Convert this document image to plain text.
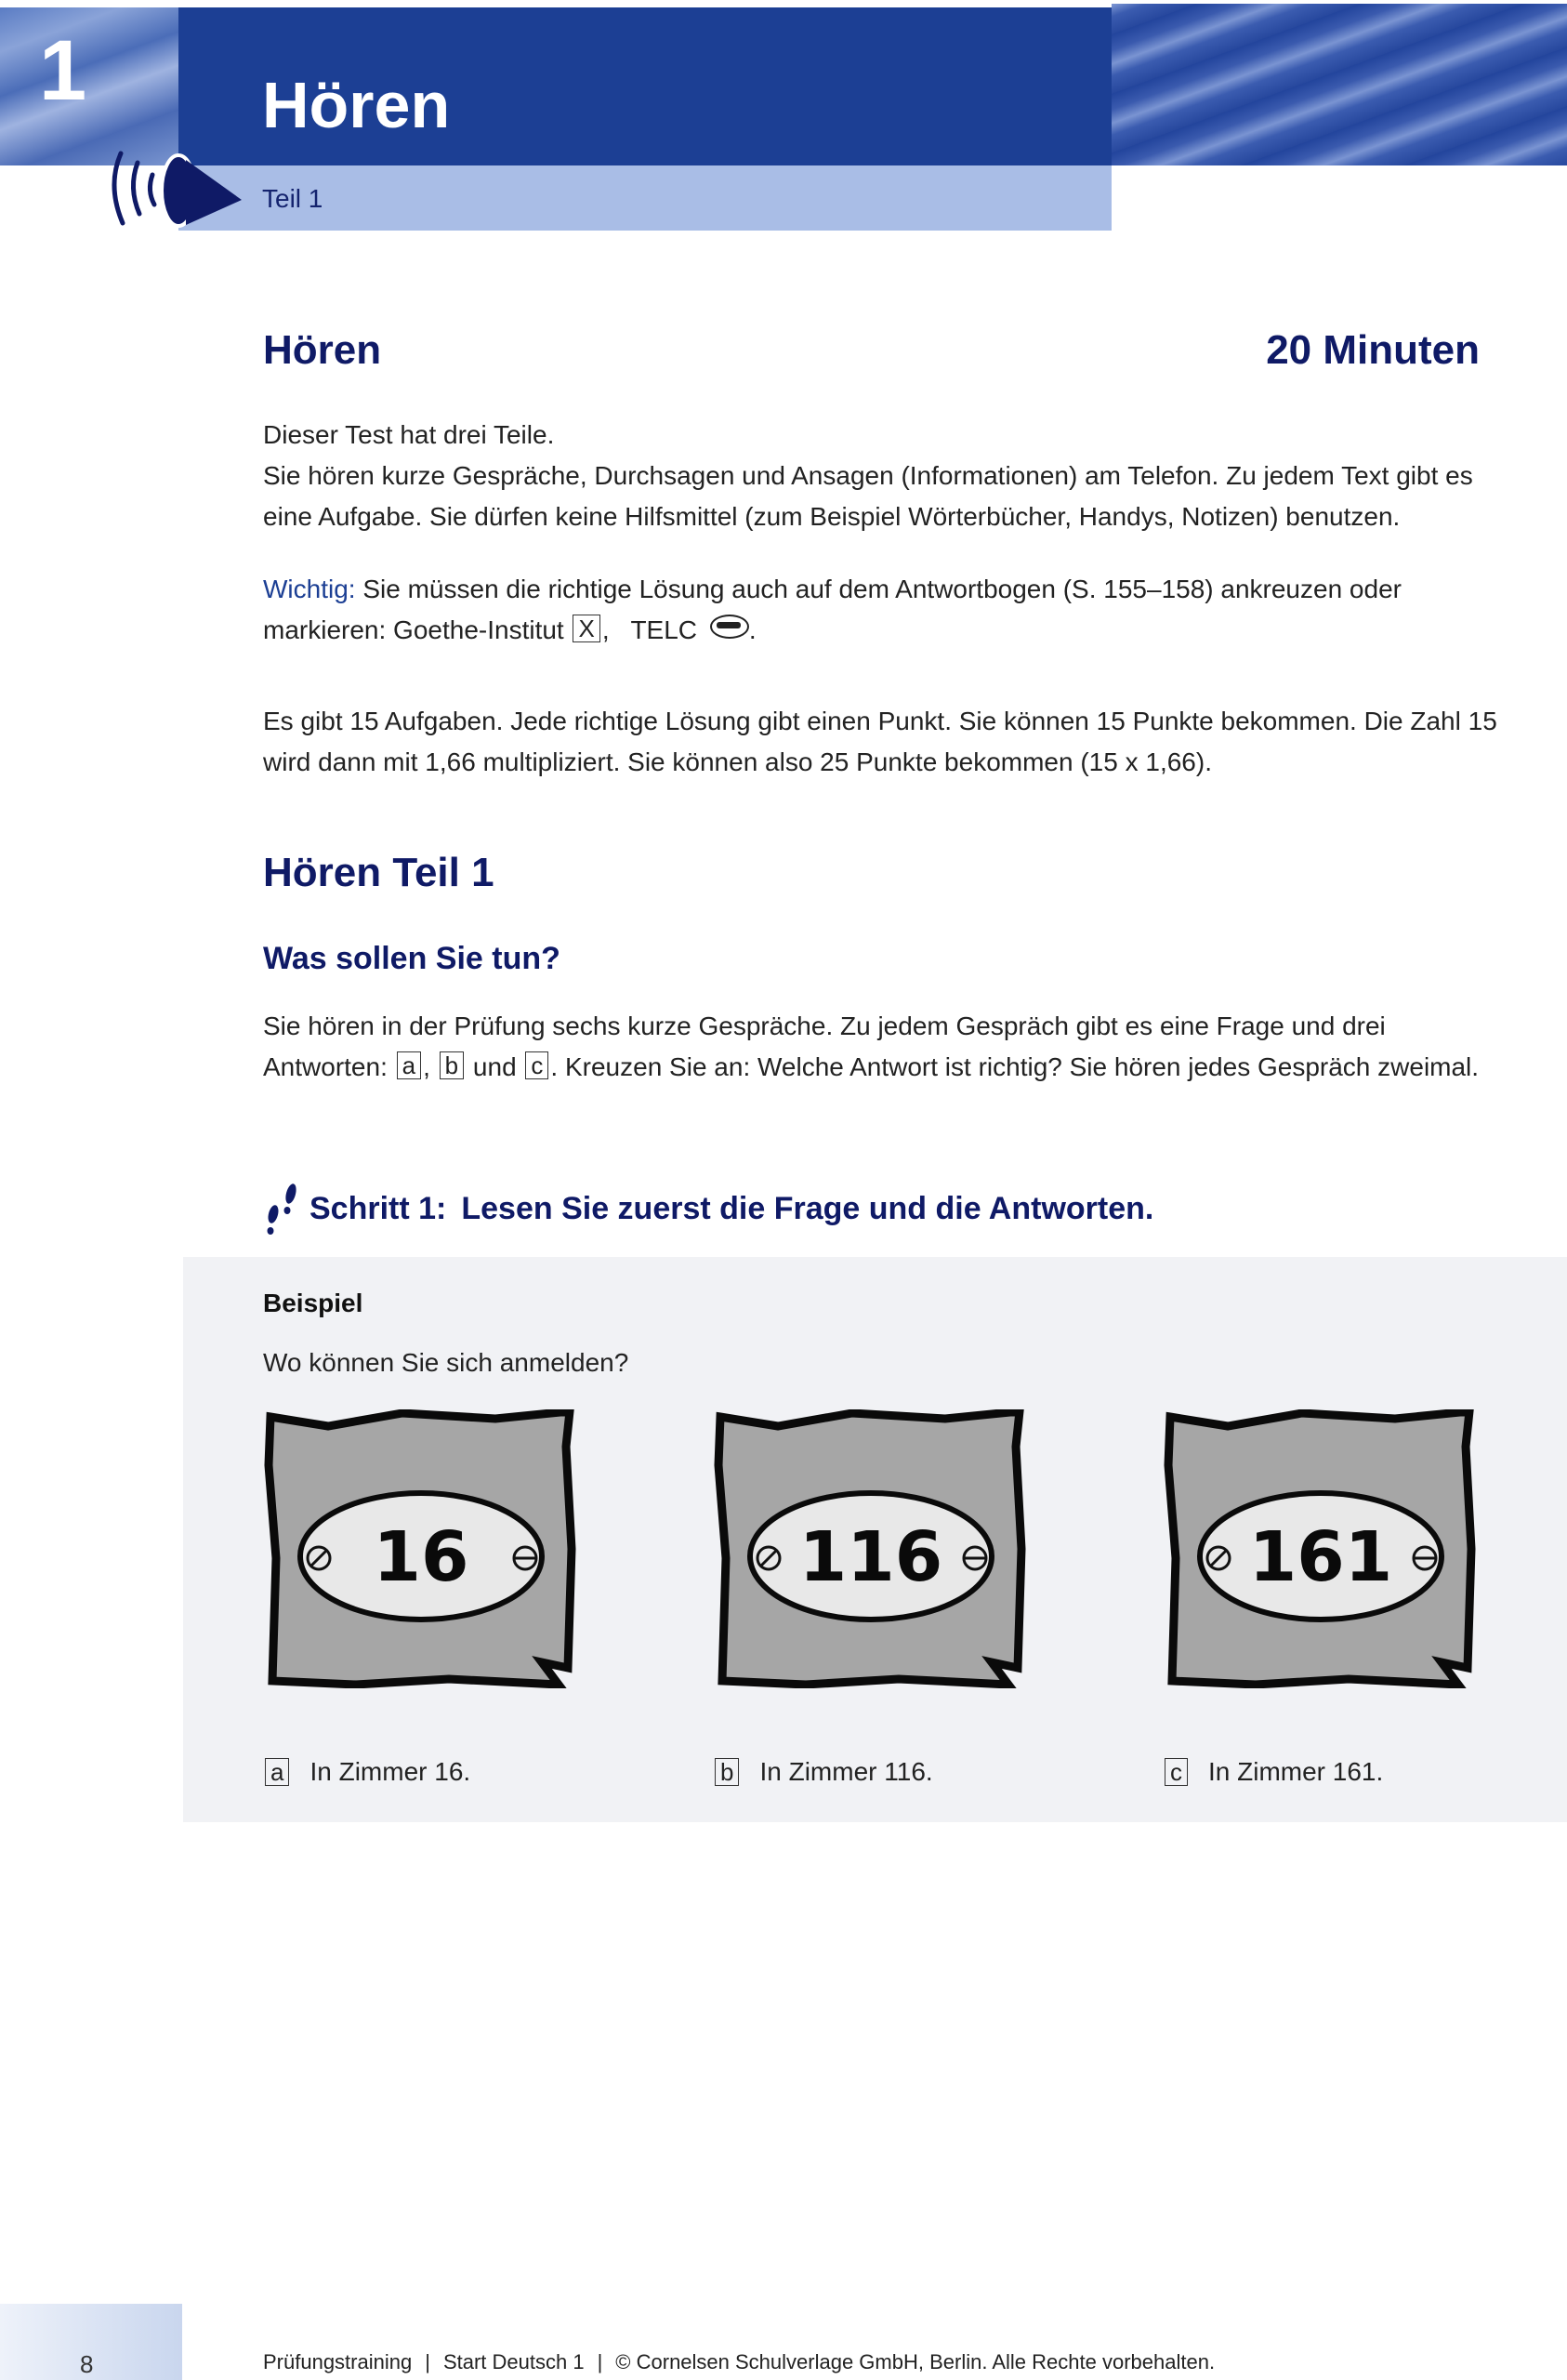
1	Hören
Teil 1
Hören	20 Minuten

Dieser Test hat drei Teile.

Sie hören kurze Gespräche, Durchsagen und Ansagen (Informationen) am Telefon. Zu jedem Text gibt es eine Aufgabe. Sie dürfen keine Hilfsmittel (zum Beispiel Wörterbücher, Handys, Notizen) benutzen.

Wichtig: Sie müssen die richtige Lösung auch auf dem Antwortbogen (S. 155–158) ankreuzen oder markieren: Goethe-Institut X ,   TELC .

Es gibt 15 Aufgaben. Jede richtige Lösung gibt einen Punkt. Sie können 15 Punkte bekommen. Die Zahl 15 wird dann mit 1,66 multipliziert. Sie können also 25 Punkte bekommen (15 x 1,66).
Hören Teil 1
Was sollen Sie tun?

Sie hören in der Prüfung sechs kurze Gespräche. Zu jedem Gespräch gibt es eine Frage und drei Antworten: a , b und c . Kreuzen Sie an: Welche Antwort ist richtig? Sie hören jedes Gespräch zweimal.

Schritt 1: Lesen Sie zuerst die Frage und die Antworten.
Beispiel
Wo können Sie sich anmelden?
16	116	161
a In Zimmer 16.	b In Zimmer 116.	c In Zimmer 161.
8	Prüfungstraining | Start Deutsch 1 | © Cornelsen Schulverlage GmbH, Berlin. Alle Rechte vorbehalten.
